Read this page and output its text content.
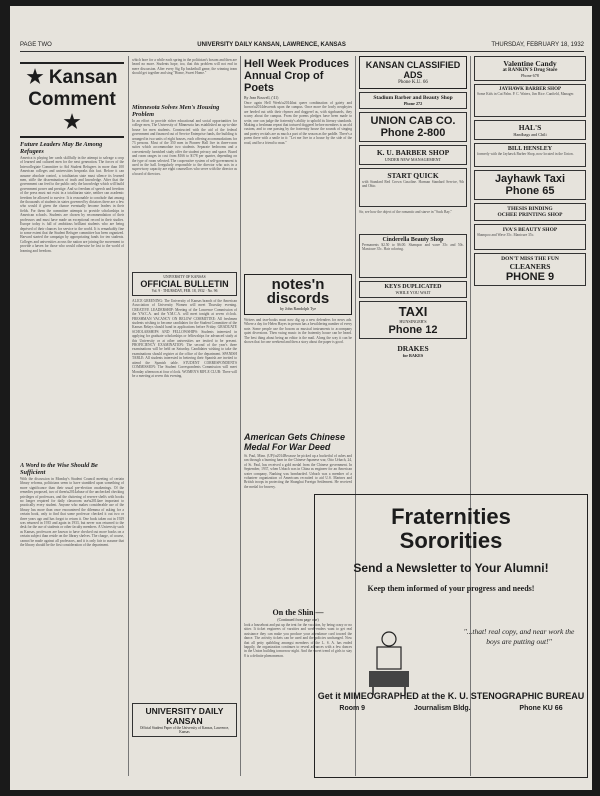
PAGE TWO	UNIVERSITY DAILY KANSAN, LAWRENCE, KANSAS	THURSDAY, FEBRUARY 18, 1932
★ Kansan Comment ★
Future Leaders May Be Among Refugees
America is playing her cards skillfully in the attempt to salvage a crop of learned and cultured men for the next generation. The forces of the Intercollegiate Committee to Aid Student Refugees in more than 100 American colleges and universities bespeaks this fact. Before it can assume absolute control, a totalitarian state must silence its learned men, stifle the dissemination of truth and knowledge. After that the government can feed to the public only the knowledge which will build government power and prestige. And so freedom of speech and freedom of the press must not exist in a totalitarian state, neither can academic freedom be allowed to survive. It is reasonable to conclude that among the thousands of students in states governed by dictators there are a few who would if given the chance eventually become leaders in their fields. For them the committee attempts to provide scholarships in American schools. Students are chosen by recommendation of their professors and must have made an exceptional record in their studies. Europe today is full of ambitious brilliant students who are being deprived of their chances for service to the world. It is remarkably fine to some extent that the Student Refugee committee has been organized. Harvard started the campaign by appropriating funds for ten students. Colleges and universities across the nation are joining the movement to provide a haven for those who would otherwise be lost to the world of learning and freedom.
A Word to the Wise Should Be Sufficient
With the discussion in Monday's Student Council meeting of certain library reforms, politicians seem to have stumbled upon something of more significance than their usual pre-election awakenings. Of the remedies proposed, two of them\u2014abuse of the unchecked checking privileges of professors, and the cluttering of reserve shelfs with books no longer required for daily classroom use\u2014are important to practically every student. Anyone who makes considerable use of the library has more than once encountered the dilemma of asking for a certain book, only to find that some professor checked it out two or three years ago and has forgot to return it. One book taken out in 1929 was returned in 1935 and again in 1933, but never was returned to the desk for the use of students or other faculty members. A University such as Kansas, professors are known to have checked out more books on a certain subject than reside on the library shelves. The charge, of course, cannot be made against all professors, and it is only fair to assume that the library should be the first consideration of the department.
which bore for a while each spring in the politician's bosom and then are heard no more. Students hope, too, that this problem will not end in mere discussion. After every Sig Ep basketball game, the winning team should get together and sing "Home, Sweet Home."
Minnesota Solves Men's Housing Problem
In an effort to provide richer educational and social opportunities for college men, The University of Minnesota has established an up-to-date house for men students. Constructed with the aid of the federal government and financed out of Service Enterprise funds, the building is arranged in two units of eight houses, each offering accommodations for 73 persons. Most of the 350 men in Pioneer Hall live in three-room suites which accommodate two students. Separate bedrooms and a conveniently furnished study offer the student privacy and space. Board and room ranges in cost from $166 to $178 per quarter, depending on the type of room selected. The cooperative system of self-government is used in the hall. Irregularly responsible to the director who acts in a supervisory capacity are eight counsellors who serve with the director as a board of directors.
UNIVERSITY OF KANSAS
OFFICIAL BULLETIN
Vol. 9 · THURSDAY, FEB. 18, 1932 · No. 96
ALICE GREENING: The University of Kansas branch of the American Association of University Women will meet Thursday evening. CREATIVE LEADERSHIP: Meeting of the Lawrence Commission of the Y.W.C.A. and the Y.M.C.A. will meet tonight at seven o'clock. FRESHMAN VACANCY ON BELOW COMMITTEE: All freshmen students wishing to become candidates for the Student Committee of the Kansas Relays should hand in applications before Friday. GRADUATE SCHOLARSHIPS AND FELLOWSHIPS: Students interested in applying for graduate scholarships or fellowships for advanced study at this University or at other universities are invited to be present. PROFICIENCY EXAMINATION: The second of the year's three examinations will be held on Saturday. Candidates wishing to take the examinations should register at the office of the department. SPANISH TABLE: All students interested in bettering their Spanish are invited to attend the Spanish table. STUDENT CORRESPONDENTS COMMISSION: The Student Correspondents Commission will meet Monday afternoon at four o'clock. WOMEN'S RIFLE CLUB: There will be a meeting at seven this evening.
UNIVERSITY DAILY KANSAN
Official Student Paper of the University of Kansas, Lawrence, Kansas
Hell Week Produces Annual Crop of Poets
By Jean Boswell, ('41)
Once again Hell Week\u2014that queer combination of gaiety and horror\u2014descends upon the campus. Once more the lowly neophytes are herded out with their rhymes and doggerel as, with signboards, they scurry about the campus. From the poems pledges have been made to write, one can judge the fraternity's ability to uphold its literary standards. Making a freshman repeat that tortured doggerel before members is an old custom, and to one passing by the fraternity house the sounds of singing and poetry recitals are as much a part of the season as the paddle. There's a poem there with a smile in it: "Let me live in a house by the side of the road, and be a friend to man."
notes'n discords
by John Randolph Tye
Writers and tear-books must now dig up a new defenders for news ads. Where a day for Helen Hayes in person has a bewildering number of every note. Some people use the bosom as musical instruments to accompany quiet diversions. Then swing music in the fraternity house can be heard. The best thing about being an editor is the mail. Along the way it can be shown that for one weekend and then a story about the paper is good.
American Gets Chinese Medal For War Deed
St. Paul, Minn. (UP)\u2014Because he picked up a bucketful of ashes and ran through a burning barn in the Chinese-Japanese war, Otto Urbach, 24, of St. Paul, has received a gold medal from the Chinese government. In September, 1937, when Urbach was in China as engineer for an American water company, Nanking was bombarded. Urbach was a member of a volunteer organization of Americans recruited to aid U.S. Marines and British troops in protecting the Shanghai Foreign Settlement. He received the medal for bravery.
On the Shin —
(Continued from page one)
look a houseboat and put up the tent for the vacation, by being crazy or no sitter. It ticket engineers of varsities and week-enders want to get real assistance they can make you produce your attendance card toward the dance. The activity tickets can be used and the policies unchanged. Now that all petty quibbling amongst members of the L. S. A. has ended happily, the organization continues to reveal advances with a few dances in the Union building tomorrow night. And the sweet trend of girls to stay 8 is a definite phenomenon.
KANSAN CLASSIFIED ADS
Phone K.U. 66
Stadium Barber and Beauty Shop
Phone 272
UNION CAB CO.
Phone 2-800
K. U. BARBER SHOP
UNDER NEW MANAGEMENT
START QUICK
with Standard Red Crown Gasoline. Harman Standard Service, 9th and Ohio.
Sir, see how the object of the romantic and starve in "Suck Bay."
Cinderella Beauty Shop
Permanents $2.50 to $6.00. Shampoo and wave 35c and 50c. Manicure 35c. Hair coloring.
KEYS DUPLICATED
WHILE YOU WAIT
TAXI
HUNSINGER'S
Phone 12
DRAKES
for BAKES
Valentine Candy
at RANKIN'S Drug Store
Phone 678
JAYHAWK BARBER SHOP
Some Kids in Cut Palm. P. C. Waters, Jim Rice. Canfield, Manager.
HAL'S
Handbags and Chili
BILL HENSLEY
formerly with the Jayhawk Barber Shop, now located in the Union.
Jayhawk Taxi
Phone 65
THESIS BINDING
OCHEE PRINTING SHOP
IVA'S BEAUTY SHOP
Shampoo and Wave 35c. Manicure 35c.
DON'T MISS THE FUN
CLEANERS
PHONE 9
Fraternities
Sororities
Send a Newsletter to Your Alumni!
Keep them informed of your progress and needs!
"...that! real copy, and near work the boys are putting out!"
Get it MIMEOGRAPHED at the K. U. STENOGRAPHIC BUREAU
Room 9	Journalism Bldg.	Phone KU 66
